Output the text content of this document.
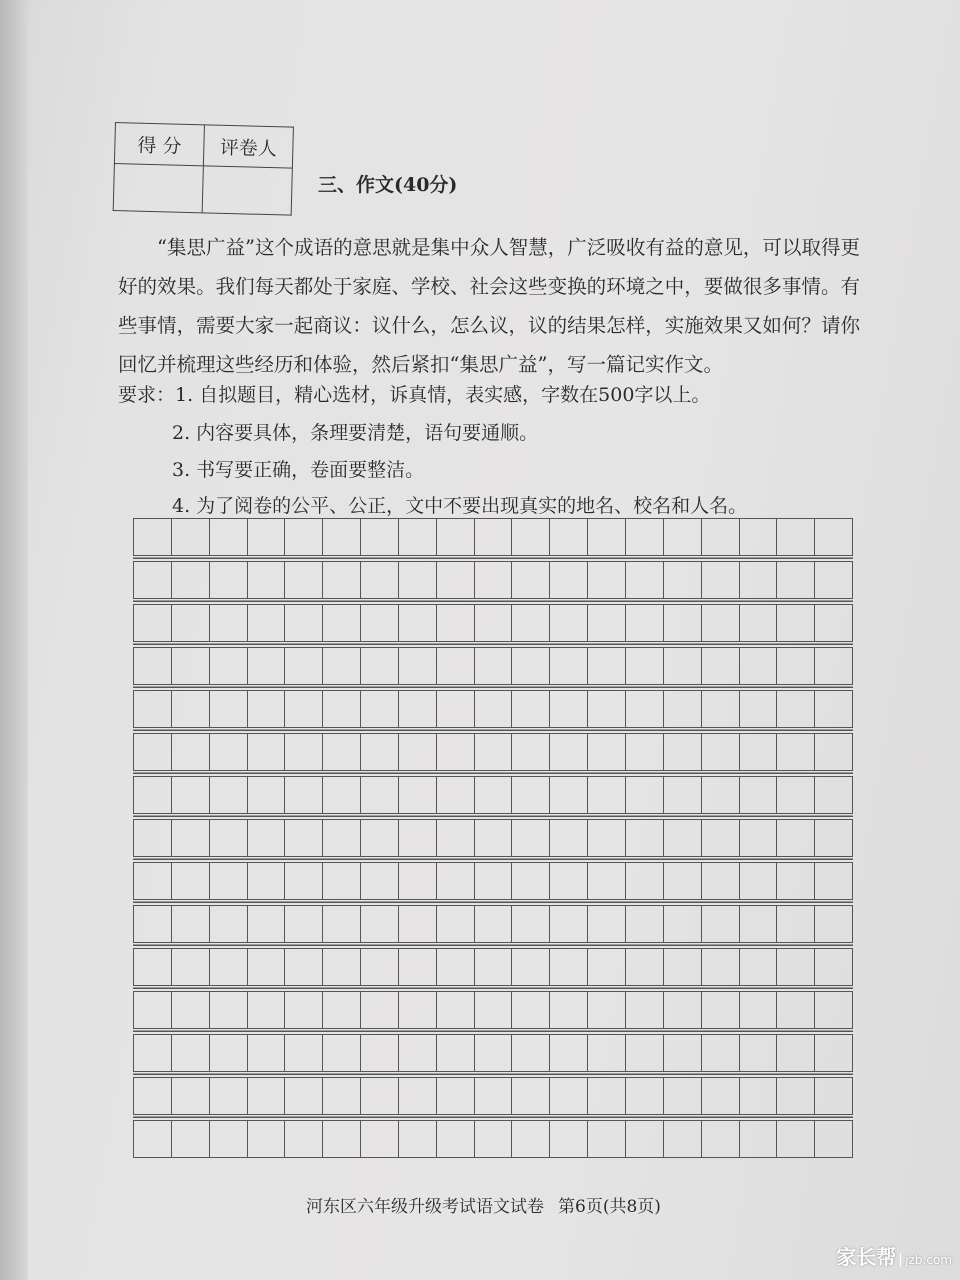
得 分	评卷人

三、作文(40分)
“集思广益”这个成语的意思就是集中众人智慧，广泛吸收有益的意见，可以取得更好的效果。我们每天都处于家庭、学校、社会这些变换的环境之中，要做很多事情。有些事情，需要大家一起商议：议什么，怎么议，议的结果怎样，实施效果又如何？请你回忆并梳理这些经历和体验，然后紧扣“集思广益”，写一篇记实作文。
要求：1. 自拟题目，精心选材，诉真情，表实感，字数在500字以上。
2. 内容要具体，条理要清楚，语句要通顺。
3. 书写要正确，卷面要整洁。
4. 为了阅卷的公平、公正，文中不要出现真实的地名、校名和人名。
河东区六年级升级考试语文试卷 第6页(共8页)
家长帮 jzb.com
